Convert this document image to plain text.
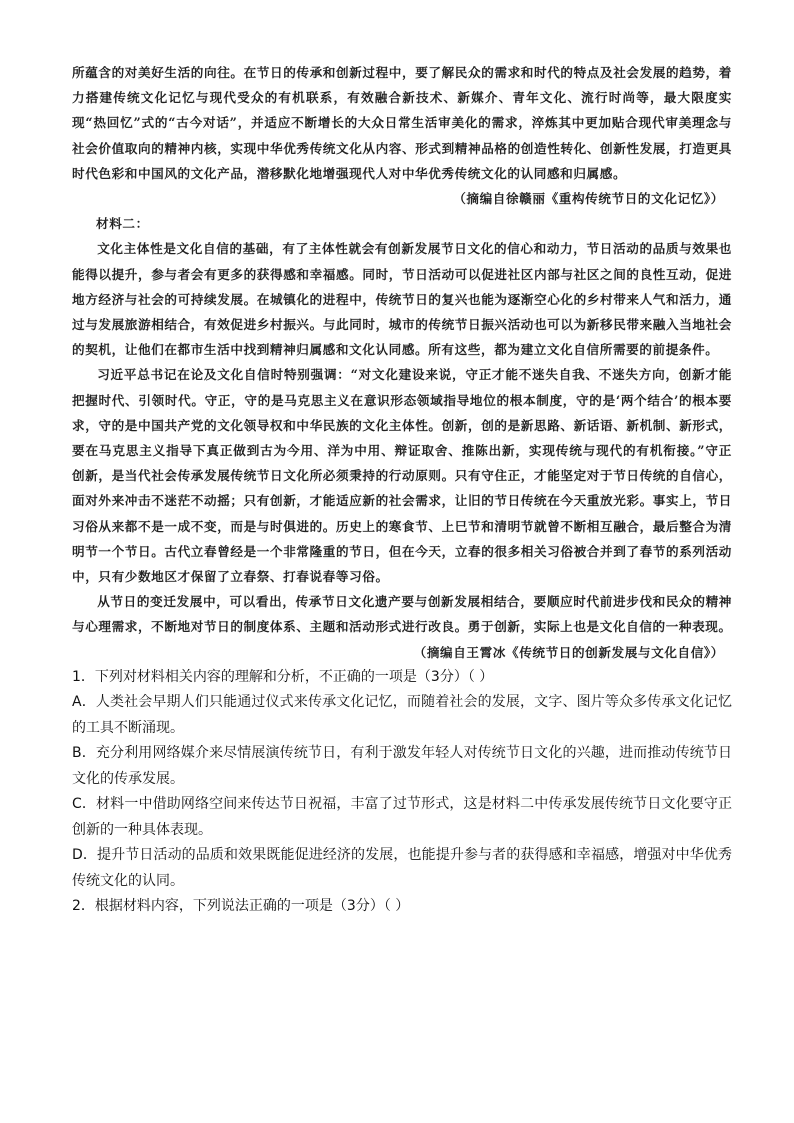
所蕴含的对美好生活的向往。在节日的传承和创新过程中，要了解民众的需求和时代的特点及社会发展的趋势，着力搭建传统文化记忆与现代受众的有机联系，有效融合新技术、新媒介、青年文化、流行时尚等，最大限度实现“热回忆”式的“古今对话”，并适应不断增长的大众日常生活审美化的需求，淬炼其中更加贴合现代审美理念与社会价值取向的精神内核，实现中华优秀传统文化从内容、形式到精神品格的创造性转化、创新性发展，打造更具时代色彩和中国风的文化产品，潜移默化地增强现代人对中华优秀传统文化的认同感和归属感。

（摘编自徐赣丽《重构传统节日的文化记忆》）

材料二：

文化主体性是文化自信的基础，有了主体性就会有创新发展节日文化的信心和动力，节日活动的品质与效果也能得以提升，参与者会有更多的获得感和幸福感。同时，节日活动可以促进社区内部与社区之间的良性互动，促进地方经济与社会的可持续发展。在城镇化的进程中，传统节日的复兴也能为逐渐空心化的乡村带来人气和活力，通过与发展旅游相结合，有效促进乡村振兴。与此同时，城市的传统节日振兴活动也可以为新移民带来融入当地社会的契机，让他们在都市生活中找到精神归属感和文化认同感。所有这些，都为建立文化自信所需要的前提条件。

习近平总书记在论及文化自信时特别强调：“对文化建设来说，守正才能不迷失自我、不迷失方向，创新才能把握时代、引领时代。守正，守的是马克思主义在意识形态领域指导地位的根本制度，守的是‘两个结合’的根本要求，守的是中国共产党的文化领导权和中华民族的文化主体性。创新，创的是新思路、新话语、新机制、新形式，要在马克思主义指导下真正做到古为今用、洋为中用、辩证取舍、推陈出新，实现传统与现代的有机衔接。”守正创新，是当代社会传承发展传统节日文化所必须秉持的行动原则。只有守住正，才能坚定对于节日传统的自信心，面对外来冲击不迷茫不动摇；只有创新，才能适应新的社会需求，让旧的节日传统在今天重放光彩。事实上，节日习俗从来都不是一成不变，而是与时俱进的。历史上的寒食节、上巳节和清明节就曾不断相互融合，最后整合为清明节一个节日。古代立春曾经是一个非常隆重的节日，但在今天，立春的很多相关习俗被合并到了春节的系列活动中，只有少数地区才保留了立春祭、打春说春等习俗。

从节日的变迁发展中，可以看出，传承节日文化遗产要与创新发展相结合，要顺应时代前进步伐和民众的精神与心理需求，不断地对节日的制度体系、主题和活动形式进行改良。勇于创新，实际上也是文化自信的一种表现。

（摘编自王霄冰《传统节日的创新发展与文化自信》）

1．下列对材料相关内容的理解和分析，不正确的一项是（3分）（ ）

A．人类社会早期人们只能通过仪式来传承文化记忆，而随着社会的发展，文字、图片等众多传承文化记忆的工具不断涌现。

B．充分利用网络媒介来尽情展演传统节日，有利于激发年轻人对传统节日文化的兴趣，进而推动传统节日文化的传承发展。

C．材料一中借助网络空间来传达节日祝福，丰富了过节形式，这是材料二中传承发展传统节日文化要守正创新的一种具体表现。

D．提升节日活动的品质和效果既能促进经济的发展，也能提升参与者的获得感和幸福感，增强对中华优秀传统文化的认同。

2．根据材料内容，下列说法正确的一项是（3分）（ ）
